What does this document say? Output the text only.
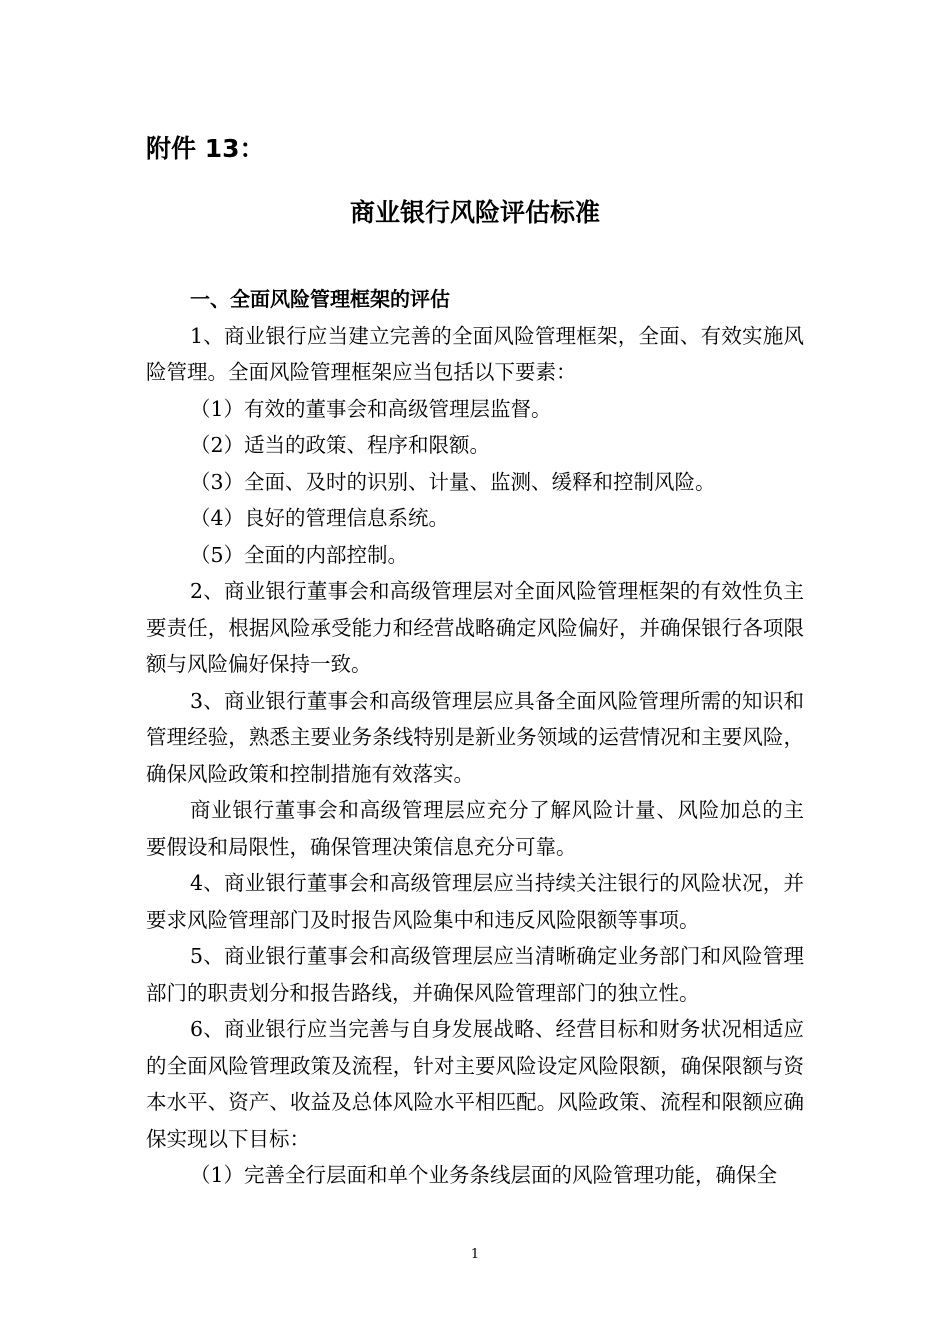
附件 13：
商业银行风险评估标准
一、全面风险管理框架的评估

1、商业银行应当建立完善的全面风险管理框架，全面、有效实施风险管理。全面风险管理框架应当包括以下要素：

（1）有效的董事会和高级管理层监督。

（2）适当的政策、程序和限额。

（3）全面、及时的识别、计量、监测、缓释和控制风险。

（4）良好的管理信息系统。

（5）全面的内部控制。

2、商业银行董事会和高级管理层对全面风险管理框架的有效性负主要责任，根据风险承受能力和经营战略确定风险偏好，并确保银行各项限额与风险偏好保持一致。

3、商业银行董事会和高级管理层应具备全面风险管理所需的知识和管理经验，熟悉主要业务条线特别是新业务领域的运营情况和主要风险，确保风险政策和控制措施有效落实。

商业银行董事会和高级管理层应充分了解风险计量、风险加总的主要假设和局限性，确保管理决策信息充分可靠。

4、商业银行董事会和高级管理层应当持续关注银行的风险状况，并要求风险管理部门及时报告风险集中和违反风险限额等事项。

5、商业银行董事会和高级管理层应当清晰确定业务部门和风险管理部门的职责划分和报告路线，并确保风险管理部门的独立性。

6、商业银行应当完善与自身发展战略、经营目标和财务状况相适应的全面风险管理政策及流程，针对主要风险设定风险限额，确保限额与资本水平、资产、收益及总体风险水平相匹配。风险政策、流程和限额应确保实现以下目标：

（1）完善全行层面和单个业务条线层面的风险管理功能，确保全

1
